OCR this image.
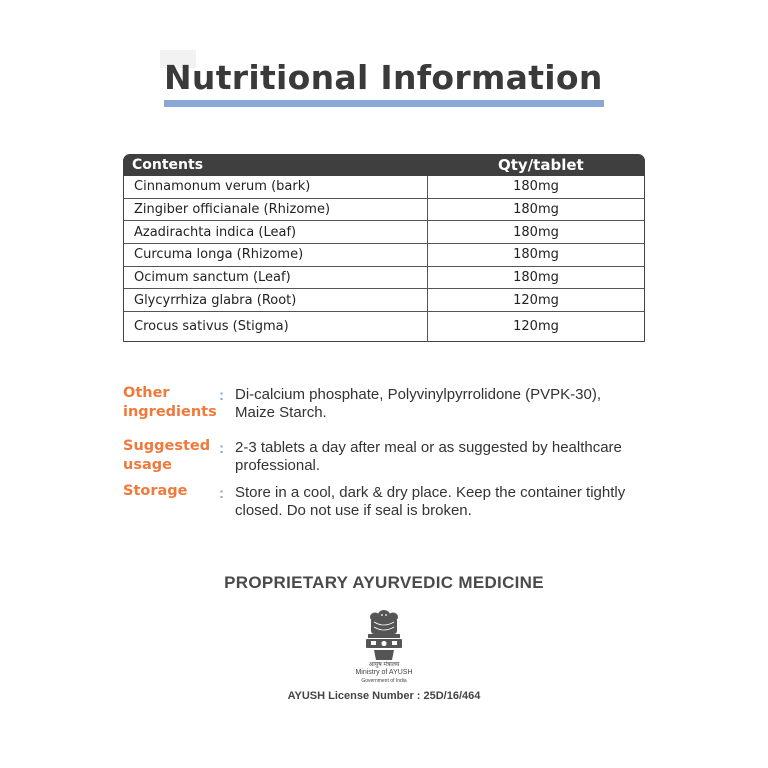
Nutritional Information
Contents	Qty/tablet
Cinnamonum verum (bark)	180mg
Zingiber officianale (Rhizome)	180mg
Azadirachta indica (Leaf)	180mg
Curcuma longa (Rhizome)	180mg
Ocimum sanctum (Leaf)	180mg
Glycyrrhiza glabra (Root)	120mg
Crocus sativus (Stigma)	120mg
Other ingredients
: Di-calcium phosphate, Polyvinylpyrrolidone (PVPK-30), Maize Starch.
Suggested usage
: 2-3 tablets a day after meal or as suggested by healthcare professional.
Storage	: Store in a cool, dark & dry place. Keep the container tightly closed. Do not use if seal is broken.
PROPRIETARY AYURVEDIC MEDICINE
आयुष मंत्रालय
Ministry of AYUSH
Government of India
AYUSH License Number : 25D/16/464
